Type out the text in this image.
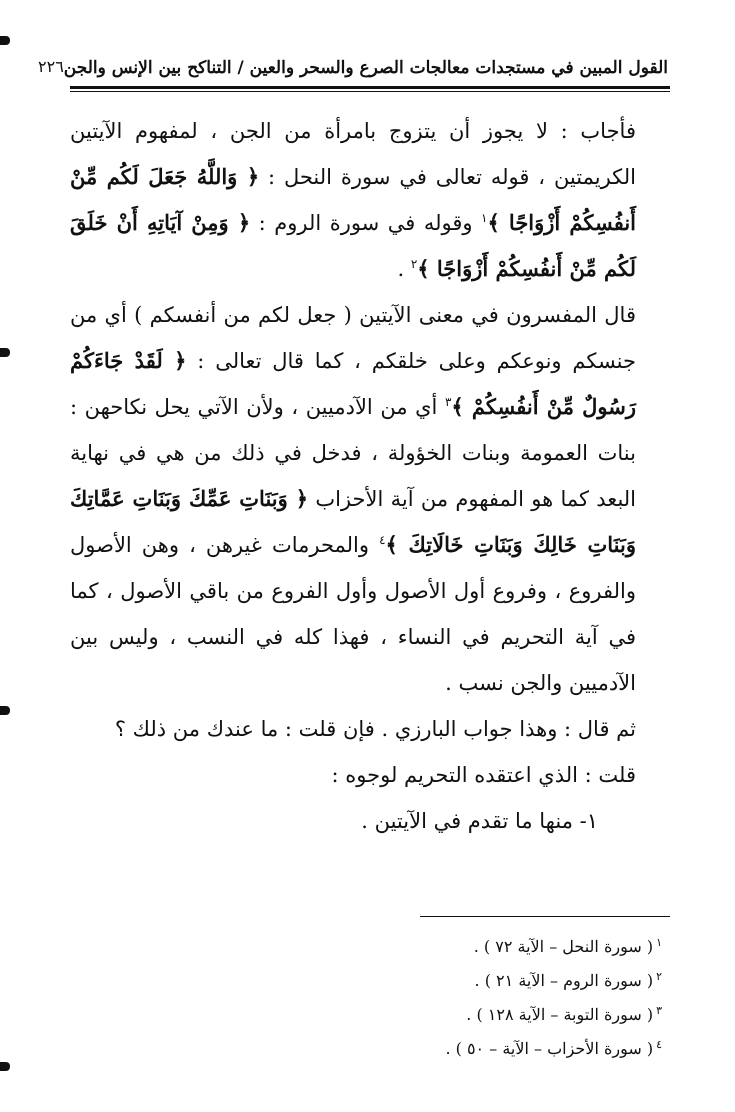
القول المبين في مستجدات معالجات الصرع والسحر والعين / التناكح بين الإنس والجن
٢٢٦

فأجاب : لا يجوز أن يتزوج بامرأة من الجن ، لمفهوم الآيتين الكريمتين ، قوله تعالى في سورة النحل : ﴿ وَاللَّهُ جَعَلَ لَكُم مِّنْ أَنفُسِكُمْ أَزْوَاجًا ﴾$^١$ وقوله في سورة الروم : ﴿ وَمِنْ آيَاتِهِ أَنْ خَلَقَ لَكُم مِّنْ أَنفُسِكُمْ أَزْوَاجًا ﴾$^٢$ .

قال المفسرون في معنى الآيتين ( جعل لكم من أنفسكم ) أي من جنسكم ونوعكم وعلى خلقكم ، كما قال تعالى : ﴿ لَقَدْ جَاءَكُمْ رَسُولٌ مِّنْ أَنفُسِكُمْ ﴾$^٣$ أي من الآدميين ، ولأن الآتي يحل نكاحهن : بنات العمومة وبنات الخؤولة ، فدخل في ذلك من هي في نهاية البعد كما هو المفهوم من آية الأحزاب ﴿ وَبَنَاتِ عَمِّكَ وَبَنَاتِ عَمَّاتِكَ وَبَنَاتِ خَالِكَ وَبَنَاتِ خَالَاتِكَ ﴾$^٤$ والمحرمات غيرهن ، وهن الأصول والفروع ، وفروع أول الأصول وأول الفروع من باقي الأصول ، كما في آية التحريم في النساء ، فهذا كله في النسب ، وليس بين الآدميين والجن نسب .

ثم قال : وهذا جواب البارزي . فإن قلت : ما عندك من ذلك ؟

قلت : الذي اعتقده التحريم لوجوه :

١- منها ما تقدم في الآيتين .

$^١$( سورة النحل – الآية ٧٢ ) .
$^٢$( سورة الروم – الآية ٢١ ) .
$^٣$( سورة التوبة – الآية ١٢٨ ) .
$^٤$( سورة الأحزاب – الآية – ٥٠ ) .
